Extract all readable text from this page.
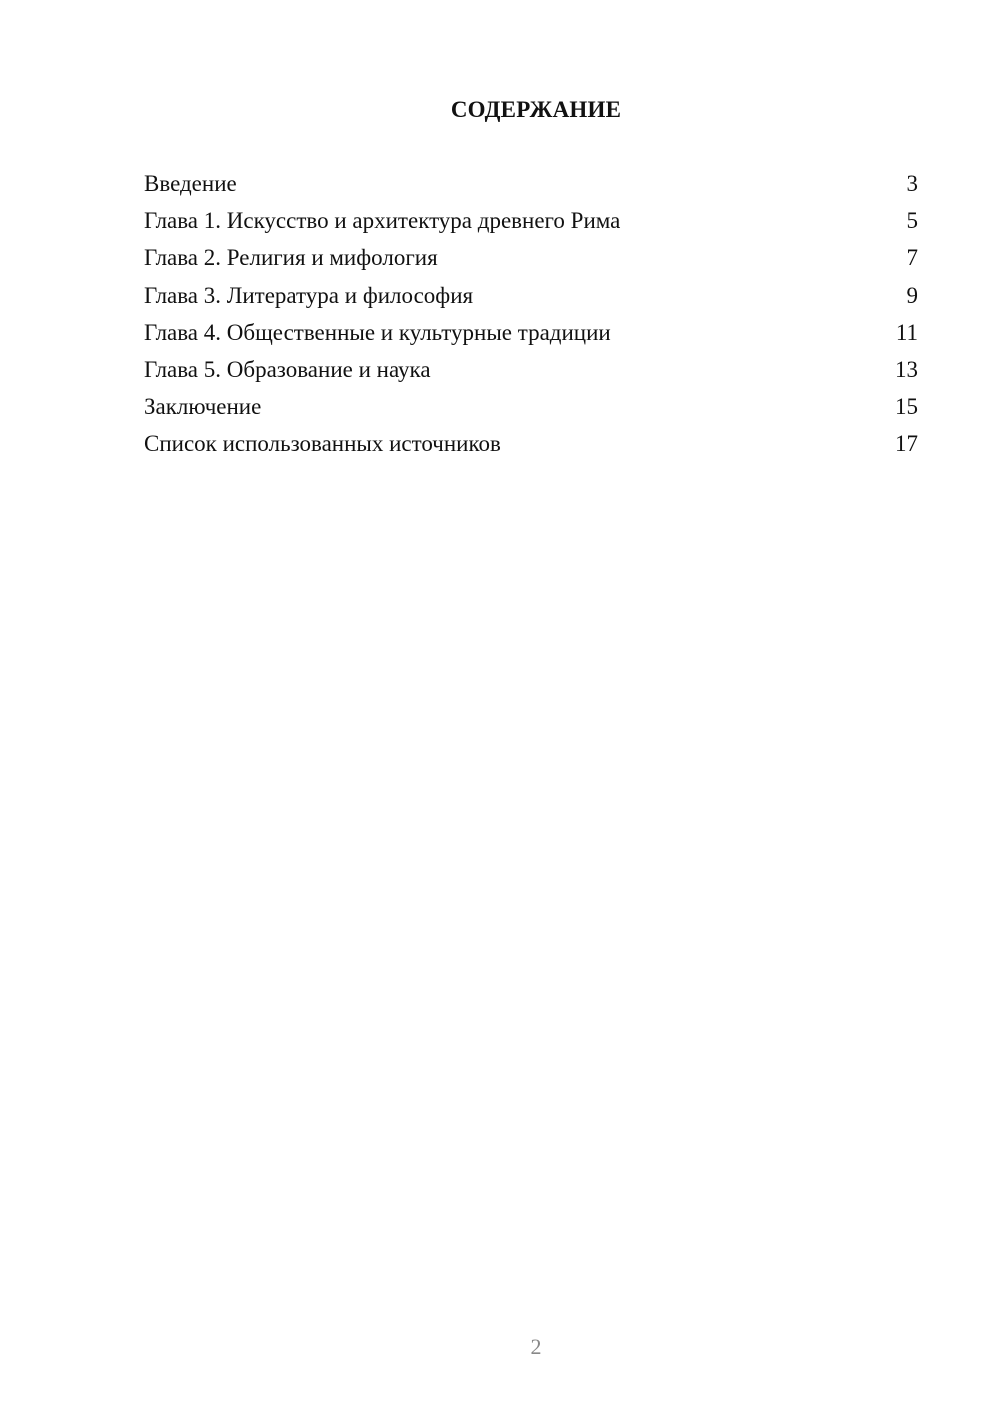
СОДЕРЖАНИЕ
Введение	3
Глава 1. Искусство и архитектура древнего Рима	5
Глава 2. Религия и мифология	7
Глава 3. Литература и философия	9
Глава 4. Общественные и культурные традиции	11
Глава 5. Образование и наука	13
Заключение	15
Список использованных источников	17
2
